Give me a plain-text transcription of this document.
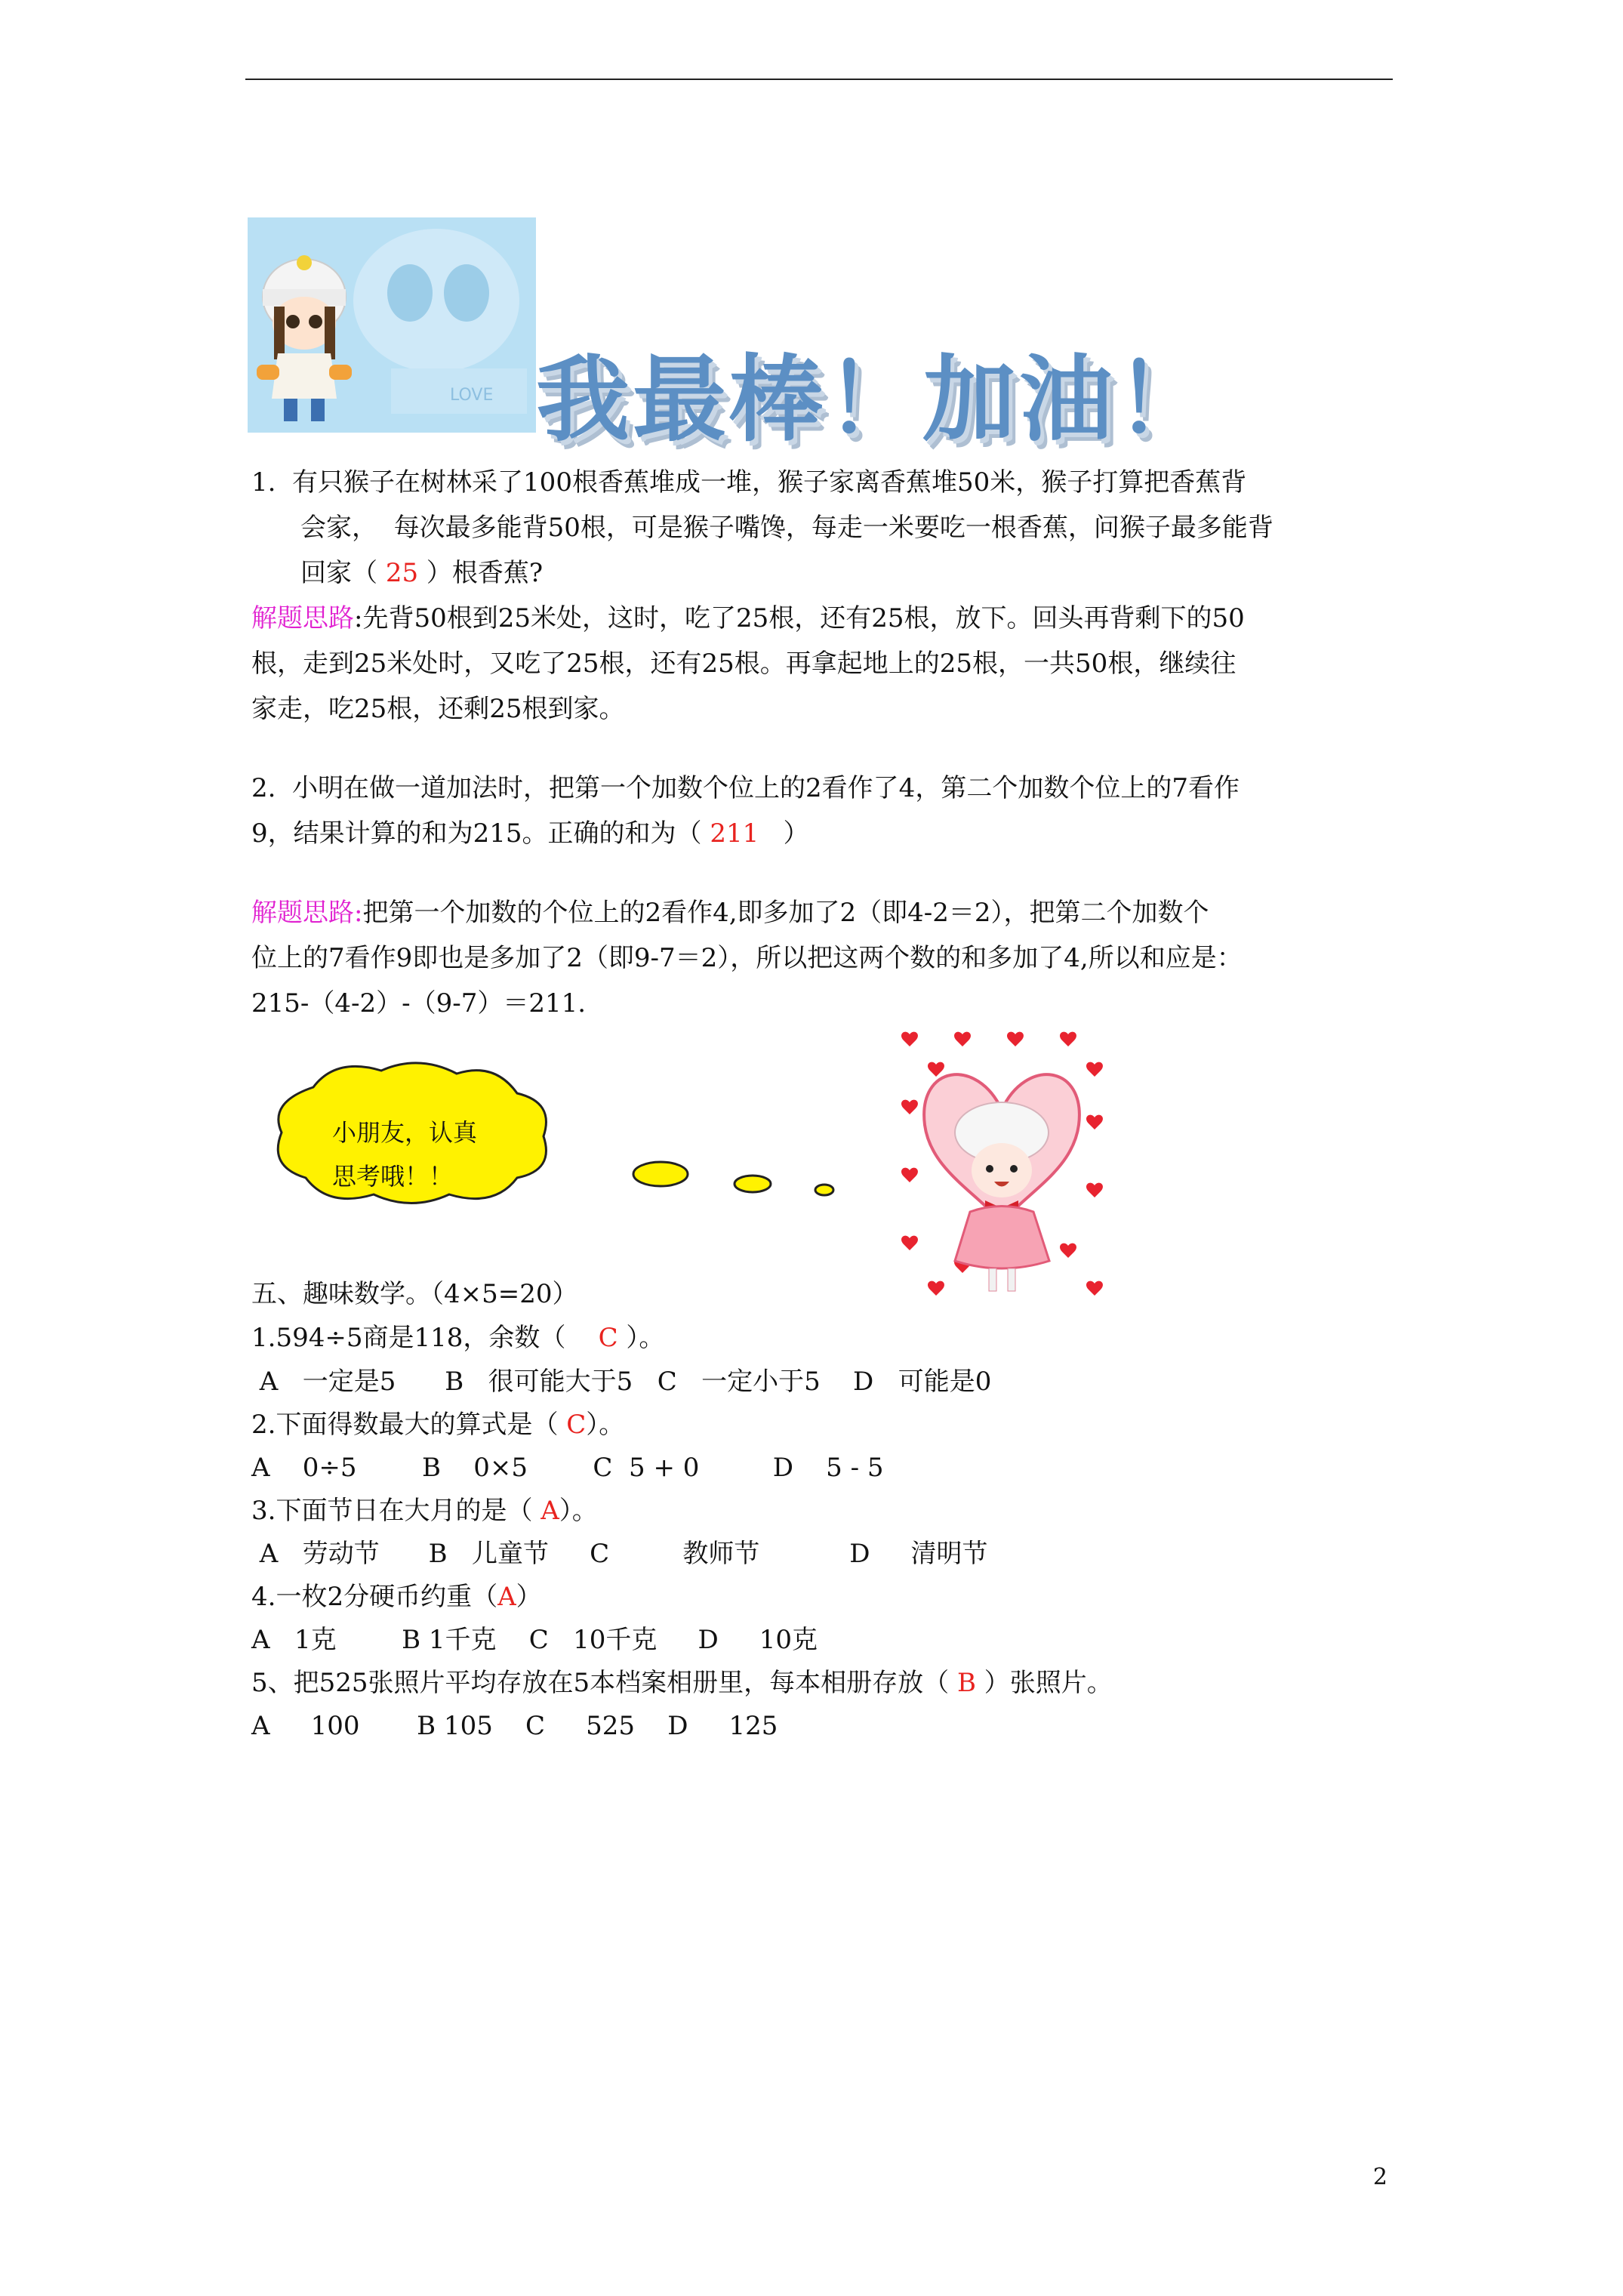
LOVE 我最棒！加油！
1.  有只猴子在树林采了100根香蕉堆成一堆，猴子家离香蕉堆50米，猴子打算把香蕉背
会家，  每次最多能背50根，可是猴子嘴馋，每走一米要吃一根香蕉，问猴子最多能背
回家（ 25 ）根香蕉?
解题思路:先背50根到25米处，这时，吃了25根，还有25根，放下。回头再背剩下的50
根，走到25米处时，又吃了25根，还有25根。再拿起地上的25根，一共50根，继续往
家走，吃25根，还剩25根到家。
2.  小明在做一道加法时，把第一个加数个位上的2看作了4，第二个加数个位上的7看作
9，结果计算的和为215。正确的和为（ 211   ）
解题思路:把第一个加数的个位上的2看作4,即多加了2（即4-2＝2），把第二个加数个
位上的7看作9即也是多加了2（即9-7＝2），所以把这两个数的和多加了4,所以和应是：
215-（4-2）-（9-7）＝211.
小朋友，认真
思考哦！！
五、趣味数学。（4×5=20）
1.594÷5商是118，余数（    C ）。
A   一定是5      B   很可能大于5   C   一定小于5    D   可能是0
2.下面得数最大的算式是（ C）。
A    0÷5        B    0×5        C  5 + 0         D    5 - 5
3.下面节日在大月的是（ A）。
A   劳动节      B   儿童节     C         教师节           D     清明节
4.一枚2分硬币约重（A）
A   1克        B 1千克    C   10千克     D     10克
5、把525张照片平均存放在5本档案相册里，每本相册存放（ B ）张照片。
A     100       B 105    C     525    D     125
2
